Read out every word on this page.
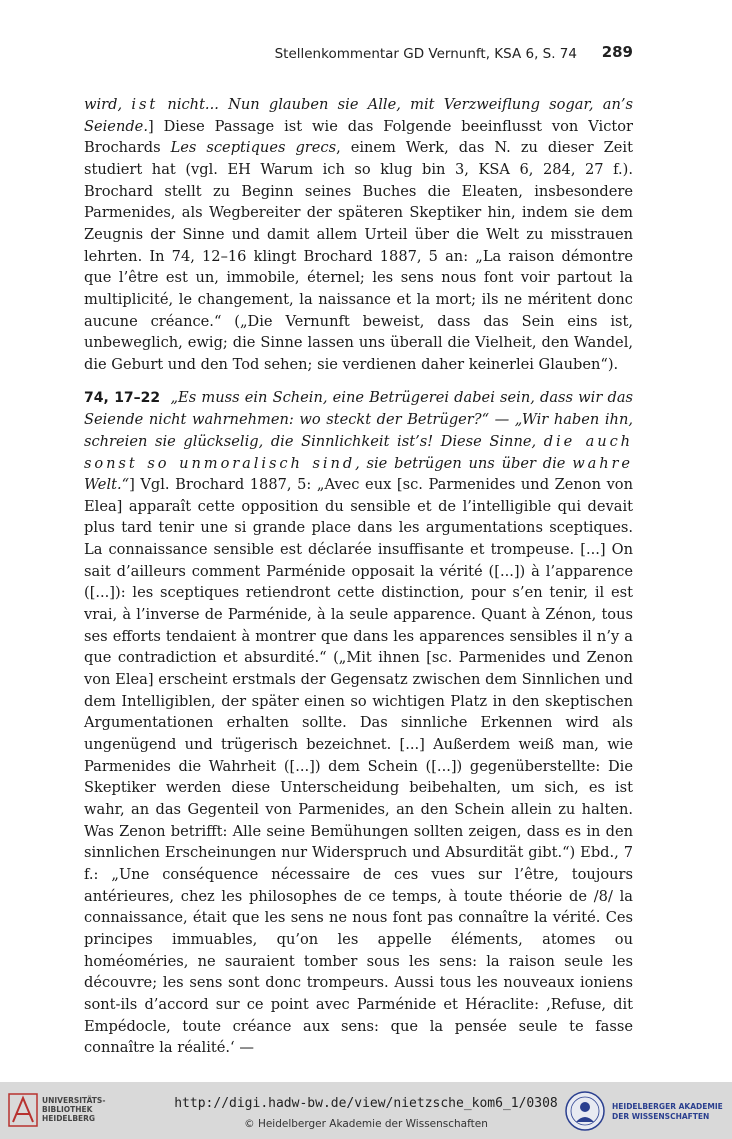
Stellenkommentar GD Vernunft, KSA 6, S. 74 289

wird, ist nicht... Nun glauben sie Alle, mit Verzweiflung sogar, an’s Seiende.] Diese Passage ist wie das Folgende beeinflusst von Victor Brochards Les sceptiques grecs, einem Werk, das N. zu dieser Zeit studiert hat (vgl. EH Warum ich so klug bin 3, KSA 6, 284, 27 f.). Brochard stellt zu Beginn seines Buches die Eleaten, insbesondere Parmenides, als Wegbereiter der späteren Skeptiker hin, indem sie dem Zeugnis der Sinne und damit allem Urteil über die Welt zu misstrauen lehrten. In 74, 12–16 klingt Brochard 1887, 5 an: „La raison démontre que l’être est un, immobile, éternel; les sens nous font voir partout la multiplicité, le changement, la naissance et la mort; ils ne méritent donc aucune créance.“ („Die Vernunft beweist, dass das Sein eins ist, unbeweglich, ewig; die Sinne lassen uns überall die Vielheit, den Wandel, die Geburt und den Tod sehen; sie verdienen daher keinerlei Glauben“).

74, 17–22 „Es muss ein Schein, eine Betrügerei dabei sein, dass wir das Seiende nicht wahrnehmen: wo steckt der Betrüger?“ — „Wir haben ihn, schreien sie glückselig, die Sinnlichkeit ist’s! Diese Sinne, die auch sonst so unmoralisch sind, sie betrügen uns über die wahre Welt.“] Vgl. Brochard 1887, 5: „Avec eux [sc. Parmenides und Zenon von Elea] apparaît cette opposition du sensible et de l’intelligible qui devait plus tard tenir une si grande place dans les argumentations sceptiques. La connaissance sensible est déclarée insuffisante et trompeuse. [...] On sait d’ailleurs comment Parménide opposait la vérité ([...]) à l’apparence ([...]): les sceptiques retiendront cette distinction, pour s’en tenir, il est vrai, à l’inverse de Parménide, à la seule apparence. Quant à Zénon, tous ses efforts tendaient à montrer que dans les apparences sensibles il n’y a que contradiction et absurdité.“ („Mit ihnen [sc. Parmenides und Zenon von Elea] erscheint erstmals der Gegensatz zwischen dem Sinnlichen und dem Intelligiblen, der später einen so wichtigen Platz in den skeptischen Argumentationen erhalten sollte. Das sinnliche Erkennen wird als ungenügend und trügerisch bezeichnet. [...] Außerdem weiß man, wie Parmenides die Wahrheit ([...]) dem Schein ([...]) gegenüberstellte: Die Skeptiker werden diese Unterscheidung beibehalten, um sich, es ist wahr, an das Gegenteil von Parmenides, an den Schein allein zu halten. Was Zenon betrifft: Alle seine Bemühungen sollten zeigen, dass es in den sinnlichen Erscheinungen nur Widerspruch und Absurdität gibt.“) Ebd., 7 f.: „Une conséquence nécessaire de ces vues sur l’être, toujours antérieures, chez les philosophes de ce temps, à toute théorie de /8/ la connaissance, était que les sens ne nous font pas connaître la vérité. Ces principes immuables, qu’on les appelle éléments, atomes ou homéoméries, ne sauraient tomber sous les sens: la raison seule les découvre; les sens sont donc trompeurs. Aussi tous les nouveaux ioniens sont-ils d’accord sur ce point avec Parménide et Héraclite: ‚Refuse, dit Empédocle, toute créance aux sens: que la pensée seule te fasse connaître la réalité.‘ —

UNIVERSITÄTS-
BIBLIOTHEK
HEIDELBERG
http://digi.hadw-bw.de/view/nietzsche_kom6_1/0308
© Heidelberger Akademie der Wissenschaften
HEIDELBERGER AKADEMIE
DER WISSENSCHAFTEN
